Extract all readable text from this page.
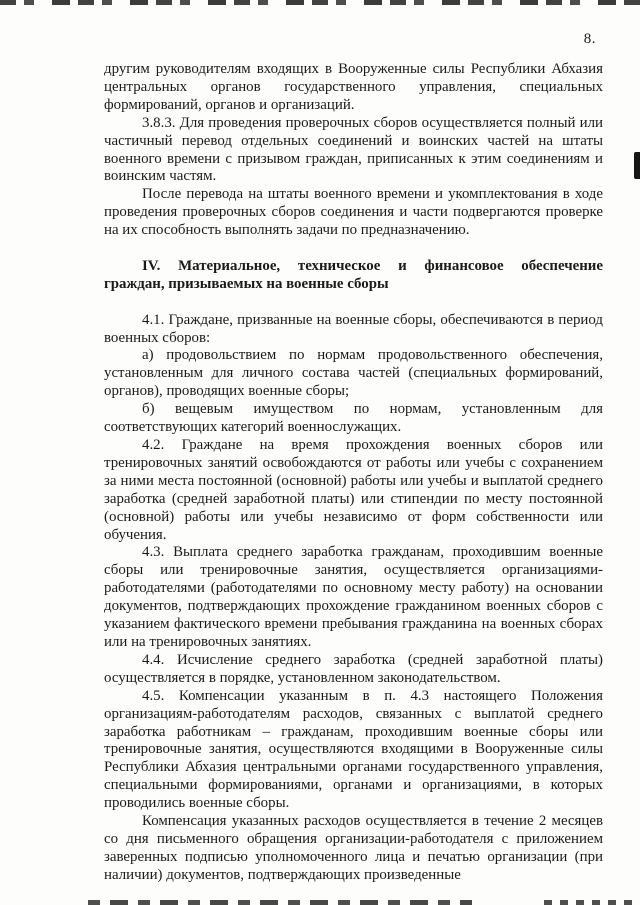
8.

другим руководителям входящих в Вооруженные силы Республики Абхазия центральных органов государственного управления, специальных формирований, органов и организаций.

3.8.3. Для проведения проверочных сборов осуществляется полный или частичный перевод отдельных соединений и воинских частей на штаты военного времени с призывом граждан, приписанных к этим соединениям и воинским частям.

После перевода на штаты военного времени и укомплектования в ходе проведения проверочных сборов соединения и части подвергаются проверке на их способность выполнять задачи по предназначению.

IV. Материальное, техническое и финансовое обеспечение
граждан, призываемых на военные сборы

4.1. Граждане, призванные на военные сборы, обеспечиваются в период военных сборов:

а) продовольствием по нормам продовольственного обеспечения, установленным для личного состава частей (специальных формирований, органов), проводящих военные сборы;

б) вещевым имуществом по нормам, установленным для соответствующих категорий военнослужащих.

4.2. Граждане на время прохождения военных сборов или тренировочных занятий освобождаются от работы или учебы с сохранением за ними места постоянной (основной) работы или учебы и выплатой среднего заработка (средней заработной платы) или стипендии по месту постоянной (основной) работы или учебы независимо от форм собственности или обучения.

4.3. Выплата среднего заработка гражданам, проходившим военные сборы или тренировочные занятия, осуществляется организациями-работодателями (работодателями по основному месту работу) на основании документов, подтверждающих прохождение гражданином военных сборов с указанием фактического времени пребывания гражданина на военных сборах или на тренировочных занятиях.

4.4. Исчисление среднего заработка (средней заработной платы) осуществляется в порядке, установленном законодательством.

4.5. Компенсации указанным в п. 4.3 настоящего Положения организациям-работодателям расходов, связанных с выплатой среднего заработка работникам – гражданам, проходившим военные сборы или тренировочные занятия, осуществляются входящими в Вооруженные силы Республики Абхазия центральными органами государственного управления, специальными формированиями, органами и организациями, в которых проводились военные сборы.

Компенсация указанных расходов осуществляется в течение 2 месяцев со дня письменного обращения организации-работодателя с приложением заверенных подписью уполномоченного лица и печатью организации (при наличии) документов, подтверждающих произведенные
